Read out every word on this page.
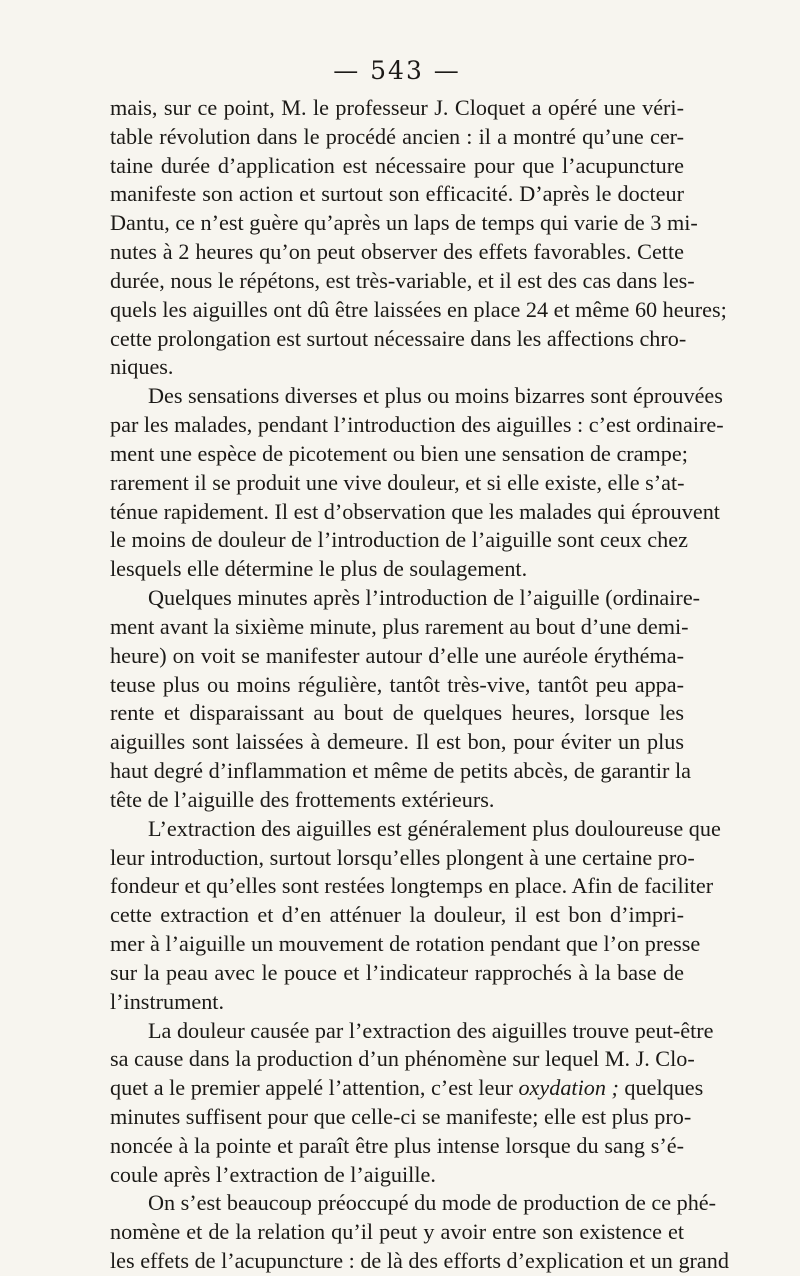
— 543 —
mais, sur ce point, M. le professeur J. Cloquet a opéré une véri-
table révolution dans le procédé ancien : il a montré qu’une cer-
taine durée d’application est nécessaire pour que l’acupuncture
manifeste son action et surtout son efficacité. D’après le docteur
Dantu, ce n’est guère qu’après un laps de temps qui varie de 3 mi-
nutes à 2 heures qu’on peut observer des effets favorables. Cette
durée, nous le répétons, est très-variable, et il est des cas dans les-
quels les aiguilles ont dû être laissées en place 24 et même 60 heures;
cette prolongation est surtout nécessaire dans les affections chro-
niques.
Des sensations diverses et plus ou moins bizarres sont éprouvées
par les malades, pendant l’introduction des aiguilles : c’est ordinaire-
ment une espèce de picotement ou bien une sensation de crampe;
rarement il se produit une vive douleur, et si elle existe, elle s’at-
ténue rapidement. Il est d’observation que les malades qui éprouvent
le moins de douleur de l’introduction de l’aiguille sont ceux chez
lesquels elle détermine le plus de soulagement.
Quelques minutes après l’introduction de l’aiguille (ordinaire-
ment avant la sixième minute, plus rarement au bout d’une demi-
heure) on voit se manifester autour d’elle une auréole érythéma-
teuse plus ou moins régulière, tantôt très-vive, tantôt peu appa-
rente et disparaissant au bout de quelques heures, lorsque les
aiguilles sont laissées à demeure. Il est bon, pour éviter un plus
haut degré d’inflammation et même de petits abcès, de garantir la
tête de l’aiguille des frottements extérieurs.
L’extraction des aiguilles est généralement plus douloureuse que
leur introduction, surtout lorsqu’elles plongent à une certaine pro-
fondeur et qu’elles sont restées longtemps en place. Afin de faciliter
cette extraction et d’en atténuer la douleur, il est bon d’impri-
mer à l’aiguille un mouvement de rotation pendant que l’on presse
sur la peau avec le pouce et l’indicateur rapprochés à la base de
l’instrument.
La douleur causée par l’extraction des aiguilles trouve peut-être
sa cause dans la production d’un phénomène sur lequel M. J. Clo-
quet a le premier appelé l’attention, c’est leur oxydation ; quelques
minutes suffisent pour que celle-ci se manifeste; elle est plus pro-
noncée à la pointe et paraît être plus intense lorsque du sang s’é-
coule après l’extraction de l’aiguille.
On s’est beaucoup préoccupé du mode de production de ce phé-
nomène et de la relation qu’il peut y avoir entre son existence et
les effets de l’acupuncture : de là des efforts d’explication et un grand
